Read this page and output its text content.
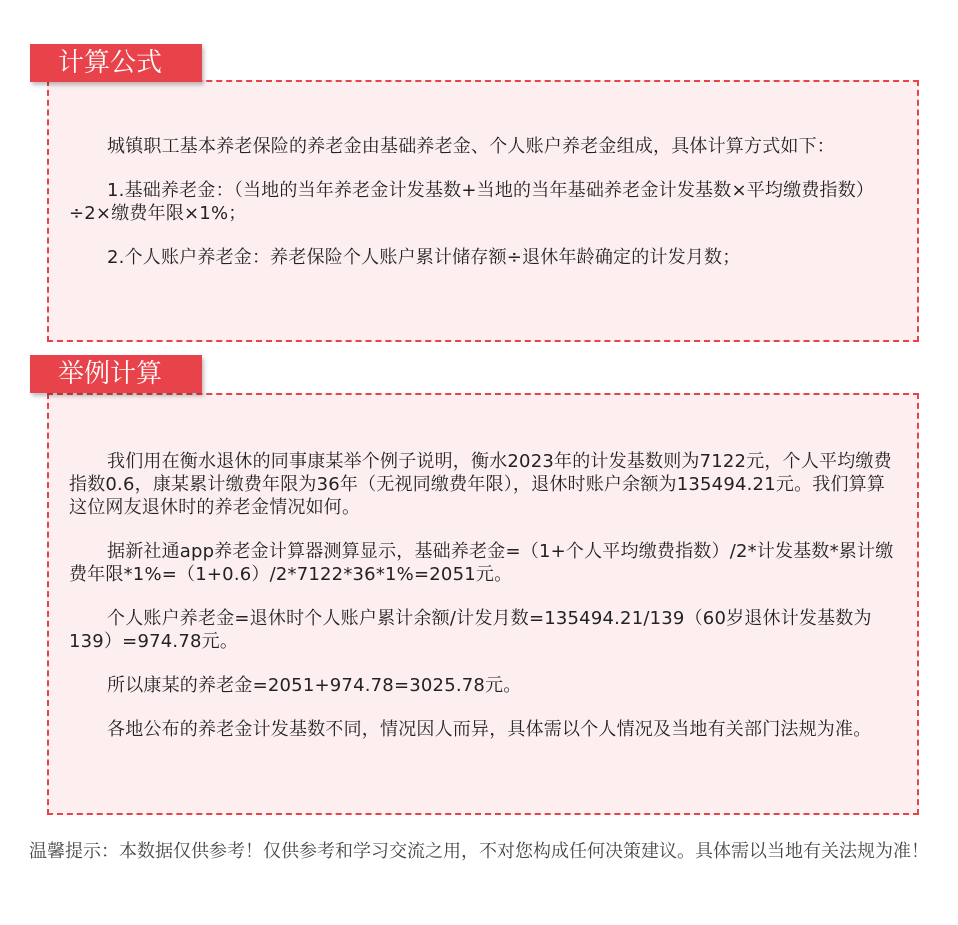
城镇职工基本养老保险的养老金由基础养老金、个人账户养老金组成，具体计算方式如下：

1.基础养老金：（当地的当年养老金计发基数+当地的当年基础养老金计发基数×平均缴费指数）÷2×缴费年限×1%；

2.个人账户养老金：养老保险个人账户累计储存额÷退休年龄确定的计发月数；

计算公式

我们用在衡水退休的同事康某举个例子说明，衡水2023年的计发基数则为7122元，个人平均缴费指数0.6，康某累计缴费年限为36年（无视同缴费年限），退休时账户余额为135494.21元。我们算算这位网友退休时的养老金情况如何。

据新社通app养老金计算器测算显示，基础养老金=（1+个人平均缴费指数）/2*计发基数*累计缴费年限*1%=（1+0.6）/2*7122*36*1%=2051元。

个人账户养老金=退休时个人账户累计余额/计发月数=135494.21/139（60岁退休计发基数为139）=974.78元。

所以康某的养老金=2051+974.78=3025.78元。

各地公布的养老金计发基数不同，情况因人而异，具体需以个人情况及当地有关部门法规为准。

举例计算
温馨提示：本数据仅供参考！仅供参考和学习交流之用，不对您构成任何决策建议。具体需以当地有关法规为准！
